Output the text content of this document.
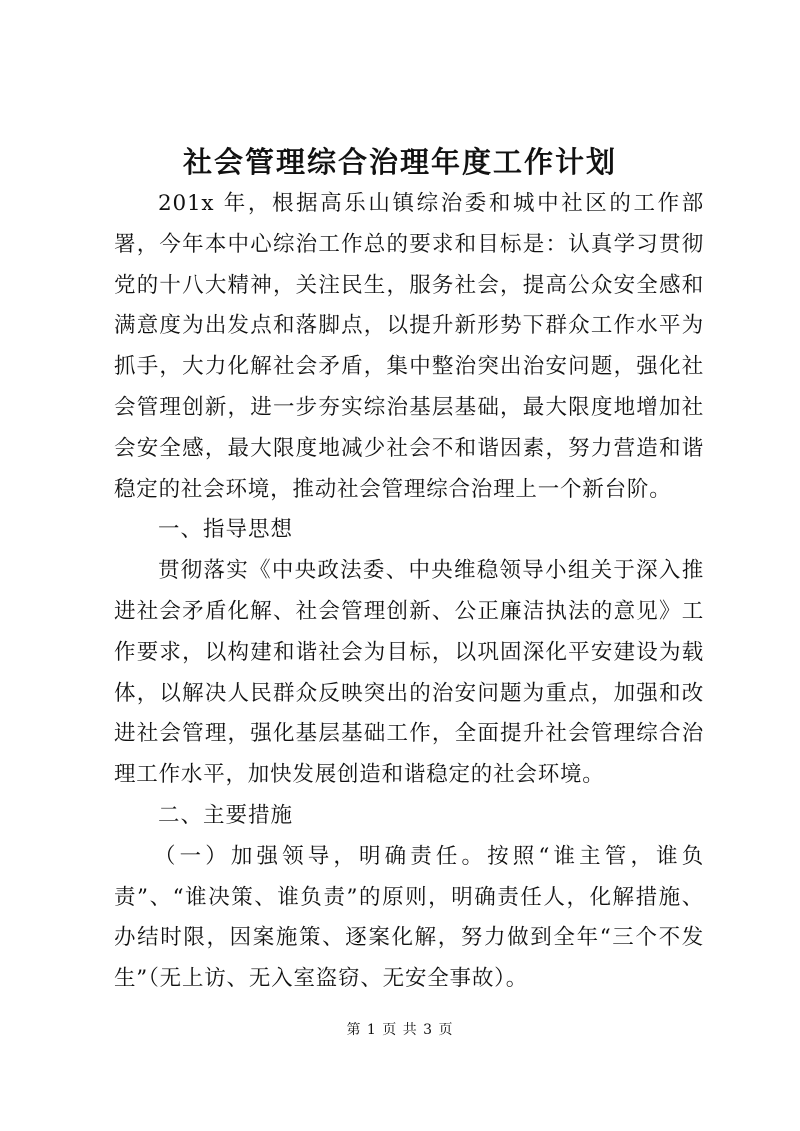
社会管理综合治理年度工作计划

201x 年，根据高乐山镇综治委和城中社区的工作部署，今年本中心综治工作总的要求和目标是：认真学习贯彻党的十八大精神，关注民生，服务社会，提高公众安全感和满意度为出发点和落脚点，以提升新形势下群众工作水平为抓手，大力化解社会矛盾，集中整治突出治安问题，强化社会管理创新，进一步夯实综治基层基础，最大限度地增加社会安全感，最大限度地减少社会不和谐因素，努力营造和谐稳定的社会环境，推动社会管理综合治理上一个新台阶。

一、指导思想

贯彻落实《中央政法委、中央维稳领导小组关于深入推进社会矛盾化解、社会管理创新、公正廉洁执法的意见》工作要求，以构建和谐社会为目标，以巩固深化平安建设为载体，以解决人民群众反映突出的治安问题为重点，加强和改进社会管理，强化基层基础工作，全面提升社会管理综合治理工作水平，加快发展创造和谐稳定的社会环境。

二、主要措施

（一）加强领导，明确责任。按照“谁主管，谁负责”、“谁决策、谁负责”的原则，明确责任人，化解措施、办结时限，因案施策、逐案化解，努力做到全年“三个不发生”（无上访、无入室盗窃、无安全事故）。

第 1 页 共 3 页
